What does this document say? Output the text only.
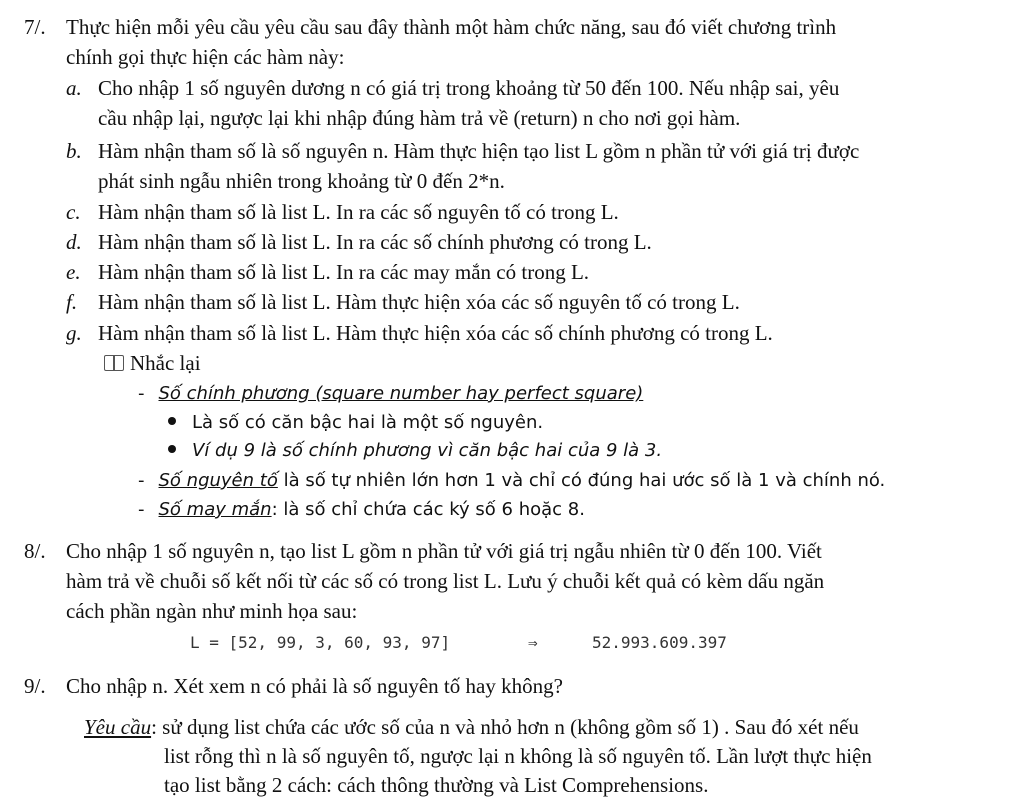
7/. Thực hiện mỗi yêu cầu yêu cầu sau đây thành một hàm chức năng, sau đó viết chương trình
chính gọi thực hiện các hàm này:
a. Cho nhập 1 số nguyên dương n có giá trị trong khoảng từ 50 đến 100. Nếu nhập sai, yêu
cầu nhập lại, ngược lại khi nhập đúng hàm trả về (return) n cho nơi gọi hàm.
b. Hàm nhận tham số là số nguyên n. Hàm thực hiện tạo list L gồm n phần tử với giá trị được
phát sinh ngẫu nhiên trong khoảng từ 0 đến 2*n.
c. Hàm nhận tham số là list L. In ra các số nguyên tố có trong L.
d. Hàm nhận tham số là list L. In ra các số chính phương có trong L.
e. Hàm nhận tham số là list L. In ra các may mắn có trong L.
f. Hàm nhận tham số là list L. Hàm thực hiện xóa các số nguyên tố có trong L.
g. Hàm nhận tham số là list L. Hàm thực hiện xóa các số chính phương có trong L.
Nhắc lại
- Số chính phương (square number hay perfect square)
Là số có căn bậc hai là một số nguyên.
Ví dụ 9 là số chính phương vì căn bậc hai của 9 là 3.
- Số nguyên tố là số tự nhiên lớn hơn 1 và chỉ có đúng hai ước số là 1 và chính nó.
- Số may mắn: là số chỉ chứa các ký số 6 hoặc 8.
8/. Cho nhập 1 số nguyên n, tạo list L gồm n phần tử với giá trị ngẫu nhiên từ 0 đến 100. Viết
hàm trả về chuỗi số kết nối từ các số có trong list L. Lưu ý chuỗi kết quả có kèm dấu ngăn
cách phần ngàn như minh họa sau:
L = [52, 99, 3, 60, 93, 97]	⇒	52.993.609.397
9/. Cho nhập n. Xét xem n có phải là số nguyên tố hay không?
Yêu cầu: sử dụng list chứa các ước số của n và nhỏ hơn n (không gồm số 1) . Sau đó xét nếu
list rỗng thì n là số nguyên tố, ngược lại n không là số nguyên tố. Lần lượt thực hiện
tạo list bằng 2 cách: cách thông thường và List Comprehensions.
